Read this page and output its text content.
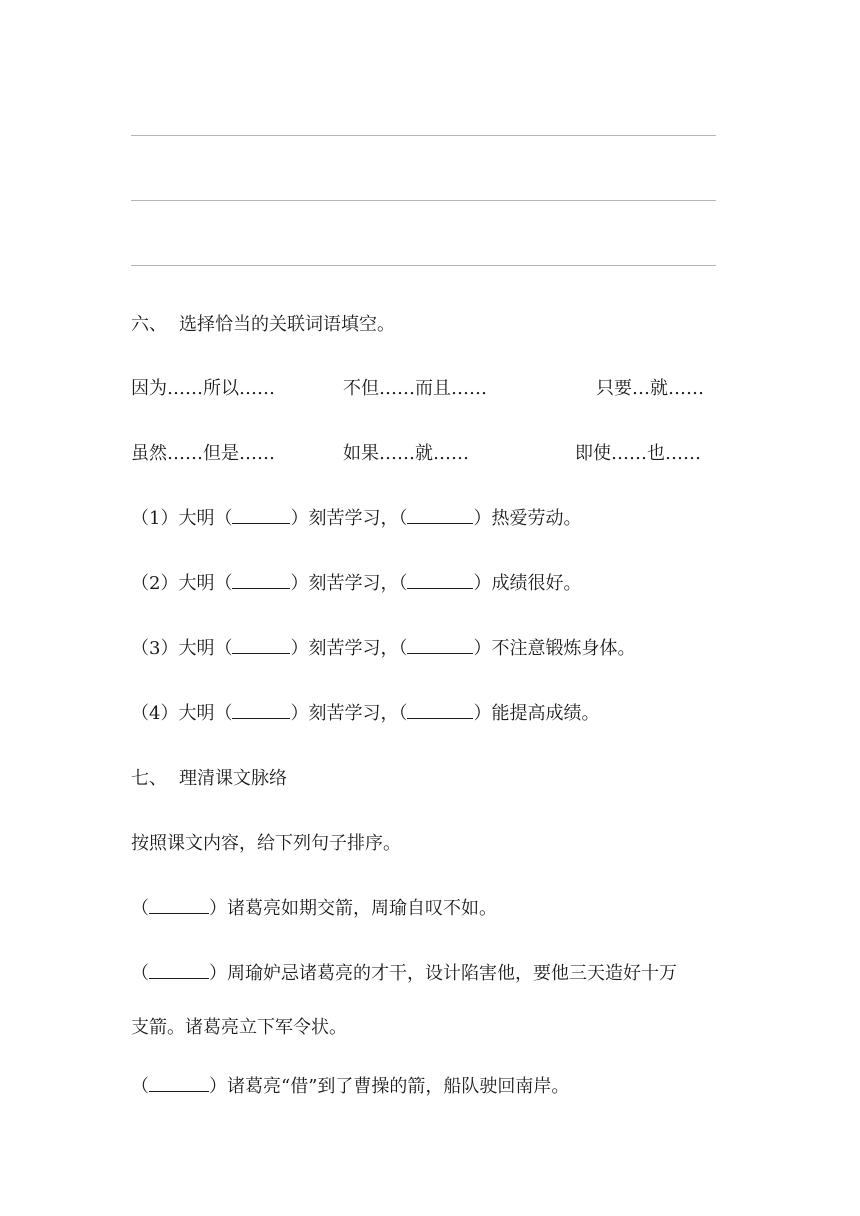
六、 选择恰当的关联词语填空。
因为……所以……	不但……而且……	只要…就……
虽然……但是……	如果……就……	即使……也……
（1）大明（	）刻苦学习，（	）热爱劳动。
（2）大明（	）刻苦学习，（	）成绩很好。
（3）大明（	）刻苦学习，（	）不注意锻炼身体。
（4）大明（	）刻苦学习，（	）能提高成绩。
七、 理清课文脉络
按照课文内容，给下列句子排序。
（	）诸葛亮如期交箭，周瑜自叹不如。
（	）周瑜妒忌诸葛亮的才干，设计陷害他，要他三天造好十万
支箭。诸葛亮立下军令状。
（	）诸葛亮“借”到了曹操的箭，船队驶回南岸。
